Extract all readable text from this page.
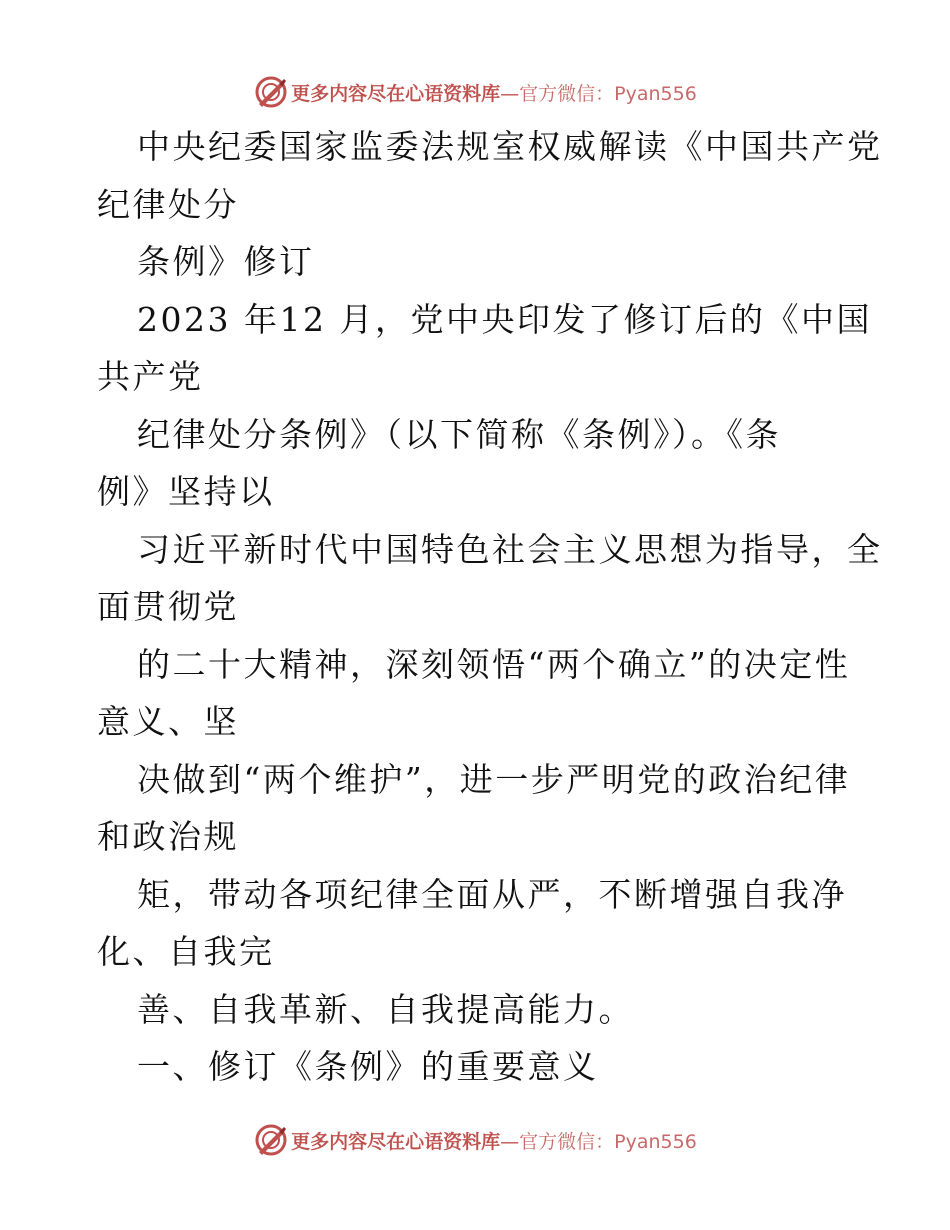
更多内容尽在心语资料库—官方微信：Pyan556
中央纪委国家监委法规室权威解读《中国共产党
纪律处分
条例》修订
2023 年12 月，党中央印发了修订后的《中国
共产党
纪律处分条例》（以下简称《条例》）。《条
例》坚持以
习近平新时代中国特色社会主义思想为指导，全
面贯彻党
的二十大精神，深刻领悟“两个确立”的决定性
意义、坚
决做到“两个维护”，进一步严明党的政治纪律
和政治规
矩，带动各项纪律全面从严，不断增强自我净
化、自我完
善、自我革新、自我提高能力。
一、修订《条例》的重要意义
更多内容尽在心语资料库—官方微信：Pyan556
